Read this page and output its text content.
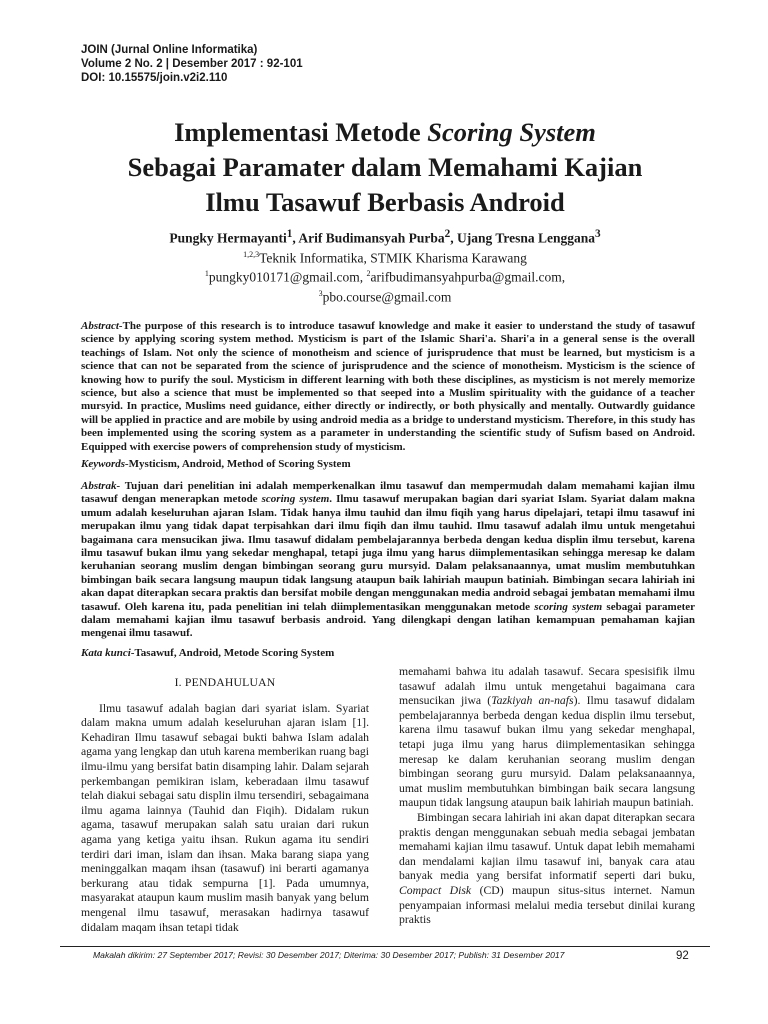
JOIN (Jurnal Online Informatika)
Volume 2 No. 2 | Desember 2017 : 92-101
DOI: 10.15575/join.v2i2.110
Implementasi Metode Scoring System
Sebagai Paramater dalam Memahami Kajian
Ilmu Tasawuf Berbasis Android
Pungky Hermayanti$^1$, Arif Budimansyah Purba$^2$, Ujang Tresna Lenggana$^3$
$^{1,2,3}$Teknik Informatika, STMIK Kharisma Karawang
$^1$pungky010171@gmail.com, $^2$arifbudimansyahpurba@gmail.com,
$^3$pbo.course@gmail.com
Abstract-The purpose of this research is to introduce tasawuf knowledge and make it easier to understand the study of tasawuf science by applying scoring system method. Mysticism is part of the Islamic Shari'a. Shari'a in a general sense is the overall teachings of Islam. Not only the science of monotheism and science of jurisprudence that must be learned, but mysticism is a science that can not be separated from the science of jurisprudence and the science of monotheism. Mysticism is the science of knowing how to purify the soul. Mysticism in different learning with both these disciplines, as mysticism is not merely memorize science, but also a science that must be implemented so that seeped into a Muslim spirituality with the guidance of a teacher mursyid. In practice, Muslims need guidance, either directly or indirectly, or both physically and mentally. Outwardly guidance will be applied in practice and are mobile by using android media as a bridge to understand mysticism. Therefore, in this study has been implemented using the scoring system as a parameter in understanding the scientific study of Sufism based on Android. Equipped with exercise powers of comprehension study of mysticism.
Keywords-Mysticism, Android, Method of Scoring System
Abstrak- Tujuan dari penelitian ini adalah memperkenalkan ilmu tasawuf dan mempermudah dalam memahami kajian ilmu tasawuf dengan menerapkan metode scoring system. Ilmu tasawuf merupakan bagian dari syariat Islam. Syariat dalam makna umum adalah keseluruhan ajaran Islam. Tidak hanya ilmu tauhid dan ilmu fiqih yang harus dipelajari, tetapi ilmu tasawuf ini merupakan ilmu yang tidak dapat terpisahkan dari ilmu fiqih dan ilmu tauhid. Ilmu tasawuf adalah ilmu untuk mengetahui bagaimana cara mensucikan jiwa. Ilmu tasawuf didalam pembelajarannya berbeda dengan kedua displin ilmu tersebut, karena ilmu tasawuf bukan ilmu yang sekedar menghapal, tetapi juga ilmu yang harus diimplementasikan sehingga meresap ke dalam keruhanian seorang muslim dengan bimbingan seorang guru mursyid. Dalam pelaksanaannya, umat muslim membutuhkan bimbingan baik secara langsung maupun tidak langsung ataupun baik lahiriah maupun batiniah. Bimbingan secara lahiriah ini akan dapat diterapkan secara praktis dan bersifat mobile dengan menggunakan media android sebagai jembatan memahami ilmu tasawuf. Oleh karena itu, pada penelitian ini telah diimplementasikan menggunakan metode scoring system sebagai parameter dalam memahami kajian ilmu tasawuf berbasis android. Yang dilengkapi dengan latihan kemampuan pemahaman kajian mengenai ilmu tasawuf.
Kata kunci-Tasawuf, Android, Metode Scoring System
I. PENDAHULUAN

Ilmu tasawuf adalah bagian dari syariat islam. Syariat dalam makna umum adalah keseluruhan ajaran islam [1]. Kehadiran Ilmu tasawuf sebagai bukti bahwa Islam adalah agama yang lengkap dan utuh karena memberikan ruang bagi ilmu-ilmu yang bersifat batin disamping lahir. Dalam sejarah perkembangan pemikiran islam, keberadaan ilmu tasawuf telah diakui sebagai satu displin ilmu tersendiri, sebagaimana ilmu agama lainnya (Tauhid dan Fiqih). Didalam rukun agama, tasawuf merupakan salah satu uraian dari rukun agama yang ketiga yaitu ihsan. Rukun agama itu sendiri terdiri dari iman, islam dan ihsan. Maka barang siapa yang meninggalkan maqam ihsan (tasawuf) ini berarti agamanya berkurang atau tidak sempurna [1]. Pada umumnya, masyarakat ataupun kaum muslim masih banyak yang belum mengenal ilmu tasawuf, merasakan hadirnya tasawuf didalam maqam ihsan tetapi tidak

memahami bahwa itu adalah tasawuf. Secara spesisifik ilmu tasawuf adalah ilmu untuk mengetahui bagaimana cara mensucikan jiwa (Tazkiyah an-nafs). Ilmu tasawuf didalam pembelajarannya berbeda dengan kedua displin ilmu tersebut, karena ilmu tasawuf bukan ilmu yang sekedar menghapal, tetapi juga ilmu yang harus diimplementasikan sehingga meresap ke dalam keruhanian seorang muslim dengan bimbingan seorang guru mursyid. Dalam pelaksanaannya, umat muslim membutuhkan bimbingan baik secara langsung maupun tidak langsung ataupun baik lahiriah maupun batiniah.

Bimbingan secara lahiriah ini akan dapat diterapkan secara praktis dengan menggunakan sebuah media sebagai jembatan memahami kajian ilmu tasawuf. Untuk dapat lebih memahami dan mendalami kajian ilmu tasawuf ini, banyak cara atau banyak media yang bersifat informatif seperti dari buku, Compact Disk (CD) maupun situs-situs internet. Namun penyampaian informasi melalui media tersebut dinilai kurang praktis

Makalah dikirim: 27 September 2017; Revisi: 30 Desember 2017; Diterima: 30 Desember 2017; Publish: 31 Desember 2017	92
